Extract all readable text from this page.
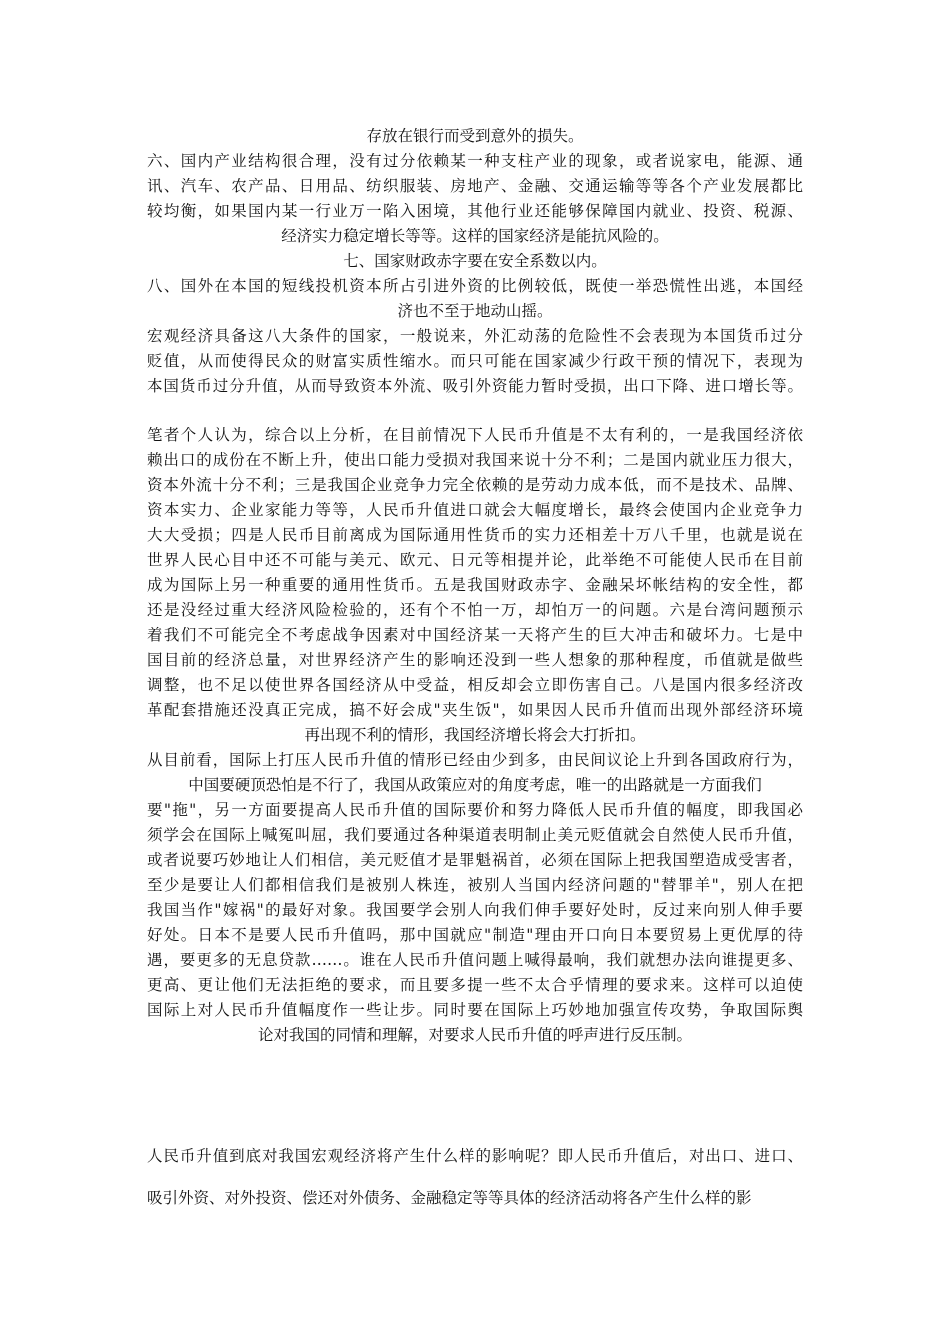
存放在银行而受到意外的损失。
六、国内产业结构很合理，没有过分依赖某一种支柱产业的现象，或者说家电，能源、通
讯、汽车、农产品、日用品、纺织服装、房地产、金融、交通运输等等各个产业发展都比
较均衡，如果国内某一行业万一陷入困境，其他行业还能够保障国内就业、投资、税源、
经济实力稳定增长等等。这样的国家经济是能抗风险的。
七、国家财政赤字要在安全系数以内。
八、国外在本国的短线投机资本所占引进外资的比例较低，既使一举恐慌性出逃，本国经
济也不至于地动山摇。
宏观经济具备这八大条件的国家，一般说来，外汇动荡的危险性不会表现为本国货币过分
贬值，从而使得民众的财富实质性缩水。而只可能在国家减少行政干预的情况下，表现为
本国货币过分升值，从而导致资本外流、吸引外资能力暂时受损，出口下降、进口增长等。
笔者个人认为，综合以上分析，在目前情况下人民币升值是不太有利的，一是我国经济依
赖出口的成份在不断上升，使出口能力受损对我国来说十分不利；二是国内就业压力很大，
资本外流十分不利；三是我国企业竞争力完全依赖的是劳动力成本低，而不是技术、品牌、
资本实力、企业家能力等等，人民币升值进口就会大幅度增长，最终会使国内企业竞争力
大大受损；四是人民币目前离成为国际通用性货币的实力还相差十万八千里，也就是说在
世界人民心目中还不可能与美元、欧元、日元等相提并论，此举绝不可能使人民币在目前
成为国际上另一种重要的通用性货币。五是我国财政赤字、金融呆坏帐结构的安全性，都
还是没经过重大经济风险检验的，还有个不怕一万，却怕万一的问题。六是台湾问题预示
着我们不可能完全不考虑战争因素对中国经济某一天将产生的巨大冲击和破坏力。七是中
国目前的经济总量，对世界经济产生的影响还没到一些人想象的那种程度，币值就是做些
调整，也不足以使世界各国经济从中受益，相反却会立即伤害自己。八是国内很多经济改
革配套措施还没真正完成，搞不好会成"夹生饭"，如果因人民币升值而出现外部经济环境
再出现不利的情形，我国经济增长将会大打折扣。
从目前看，国际上打压人民币升值的情形已经由少到多，由民间议论上升到各国政府行为，
中国要硬顶恐怕是不行了，我国从政策应对的角度考虑，唯一的出路就是一方面我们
要"拖"，另一方面要提高人民币升值的国际要价和努力降低人民币升值的幅度，即我国必
须学会在国际上喊冤叫屈，我们要通过各种渠道表明制止美元贬值就会自然使人民币升值，
或者说要巧妙地让人们相信，美元贬值才是罪魁祸首，必须在国际上把我国塑造成受害者，
至少是要让人们都相信我们是被别人株连，被别人当国内经济问题的"替罪羊"，别人在把
我国当作"嫁祸"的最好对象。我国要学会别人向我们伸手要好处时，反过来向别人伸手要
好处。日本不是要人民币升值吗，那中国就应"制造"理由开口向日本要贸易上更优厚的待
遇，要更多的无息贷款……。谁在人民币升值问题上喊得最响，我们就想办法向谁提更多、
更高、更让他们无法拒绝的要求，而且要多提一些不太合乎情理的要求来。这样可以迫使
国际上对人民币升值幅度作一些让步。同时要在国际上巧妙地加强宣传攻势，争取国际舆
论对我国的同情和理解，对要求人民币升值的呼声进行反压制。
人民币升值到底对我国宏观经济将产生什么样的影响呢？即人民币升值后，对出口、进口、
吸引外资、对外投资、偿还对外债务、金融稳定等等具体的经济活动将各产生什么样的影
